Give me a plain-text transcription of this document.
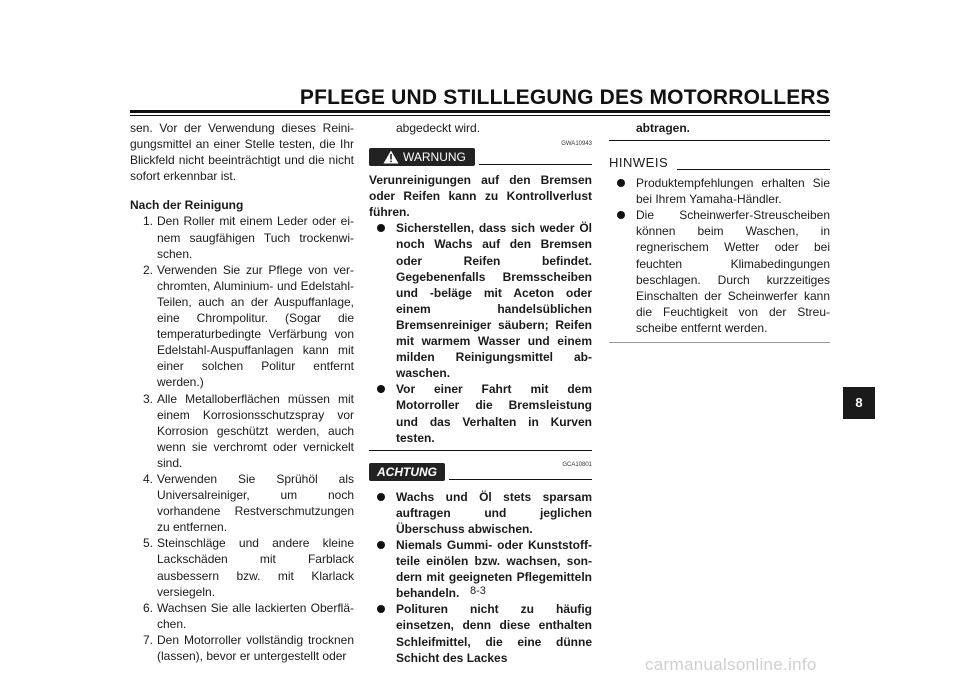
PFLEGE UND STILLLEGUNG DES MOTORROLLERS

sen. Vor der Verwendung dieses Reinigungsmittel an einer Stelle testen, die Ihr Blickfeld nicht beeinträchtigt und die nicht sofort erkennbar ist.

Nach der Reinigung

1. Den Roller mit einem Leder oder einem saugfähigen Tuch trockenwischen.
2. Verwenden Sie zur Pflege von verchromten, Aluminium- und Edelstahl-Teilen, auch an der Auspuffanlage, eine Chrompolitur. (Sogar die temperaturbedingte Verfärbung von Edelstahl-Auspuffanlagen kann mit einer solchen Politur entfernt werden.)
3. Alle Metalloberflächen müssen mit einem Korrosionsschutzspray vor Korrosion geschützt werden, auch wenn sie verchromt oder vernickelt sind.
4. Verwenden Sie Sprühöl als Universalreiniger, um noch vorhandene Restverschmutzungen zu entfernen.
5. Steinschläge und andere kleine Lackschäden mit Farblack ausbessern bzw. mit Klarlack versiegeln.
6. Wachsen Sie alle lackierten Oberflächen.
7. Den Motorroller vollständig trocknen (lassen), bevor er untergestellt oder

abgedeckt wird.

GWA10943
WARNUNG

Verunreinigungen auf den Bremsen oder Reifen kann zu Kontrollverlust führen.

Sicherstellen, dass sich weder Öl noch Wachs auf den Bremsen oder Reifen befindet. Gegebenenfalls Bremsscheiben und -beläge mit Aceton oder einem handelsüblichen Bremsenreiniger säubern; Reifen mit warmem Wasser und einem milden Reinigungsmittel abwaschen.
Vor einer Fahrt mit dem Motorroller die Bremsleistung und das Verhalten in Kurven testen.
GCA10801
ACHTUNG
Wachs und Öl stets sparsam auftragen und jeglichen Überschuss abwischen.
Niemals Gummi- oder Kunststoffteile einölen bzw. wachsen, sondern mit geeigneten Pflegemitteln behandeln.
Polituren nicht zu häufig einsetzen, denn diese enthalten Schleifmittel, die eine dünne Schicht des Lackes

abtragen.

HINWEIS
Produktempfehlungen erhalten Sie bei Ihrem Yamaha-Händler.
Die Scheinwerfer-Streuscheiben können beim Waschen, in regnerischem Wetter oder bei feuchten Klimabedingungen beschlagen. Durch kurzzeitiges Einschalten der Scheinwerfer kann die Feuchtigkeit von der Streuscheibe entfernt werden.
8
8-3
carmanualsonline.info
